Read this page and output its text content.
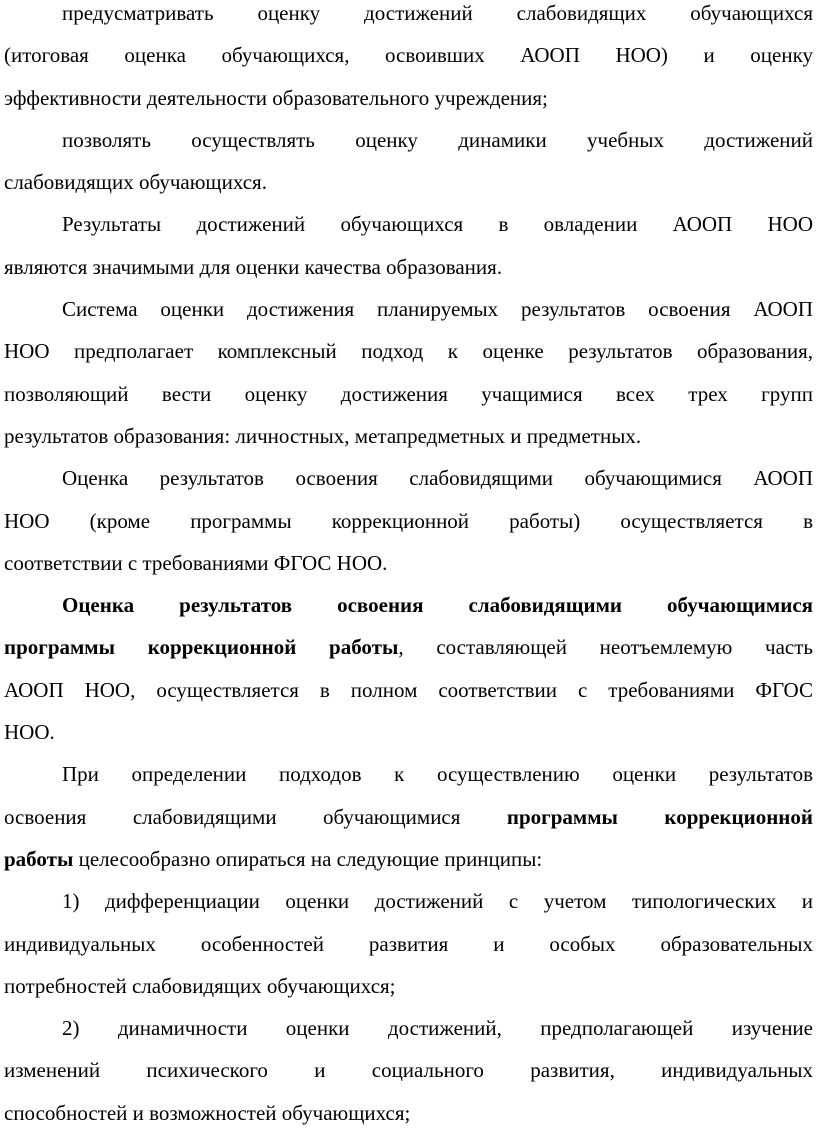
предусматривать оценку достижений слабовидящих обучающихся
(итоговая оценка обучающихся, освоивших АООП НОО) и оценку
эффективности деятельности образовательного учреждения;
позволять осуществлять оценку динамики учебных достижений
слабовидящих обучающихся.
Результаты достижений обучающихся в овладении АООП НОО
являются значимыми для оценки качества образования.
Система оценки достижения планируемых результатов освоения АООП
НОО предполагает комплексный подход к оценке результатов образования,
позволяющий вести оценку достижения учащимися всех трех групп
результатов образования: личностных, метапредметных и предметных.
Оценка результатов освоения слабовидящими обучающимися АООП
НОО (кроме программы коррекционной работы) осуществляется в
соответствии с требованиями ФГОС НОО.
Оценка результатов освоения слабовидящими обучающимися
программы коррекционной работы, составляющей неотъемлемую часть
АООП НОО, осуществляется в полном соответствии с требованиями ФГОС
НОО.
При определении подходов к осуществлению оценки результатов
освоения слабовидящими обучающимися программы коррекционной
работы целесообразно опираться на следующие принципы:
1) дифференциации оценки достижений с учетом типологических и
индивидуальных особенностей развития и особых образовательных
потребностей слабовидящих обучающихся;
2) динамичности оценки достижений, предполагающей изучение
изменений психического и социального развития, индивидуальных
способностей и возможностей обучающихся;
